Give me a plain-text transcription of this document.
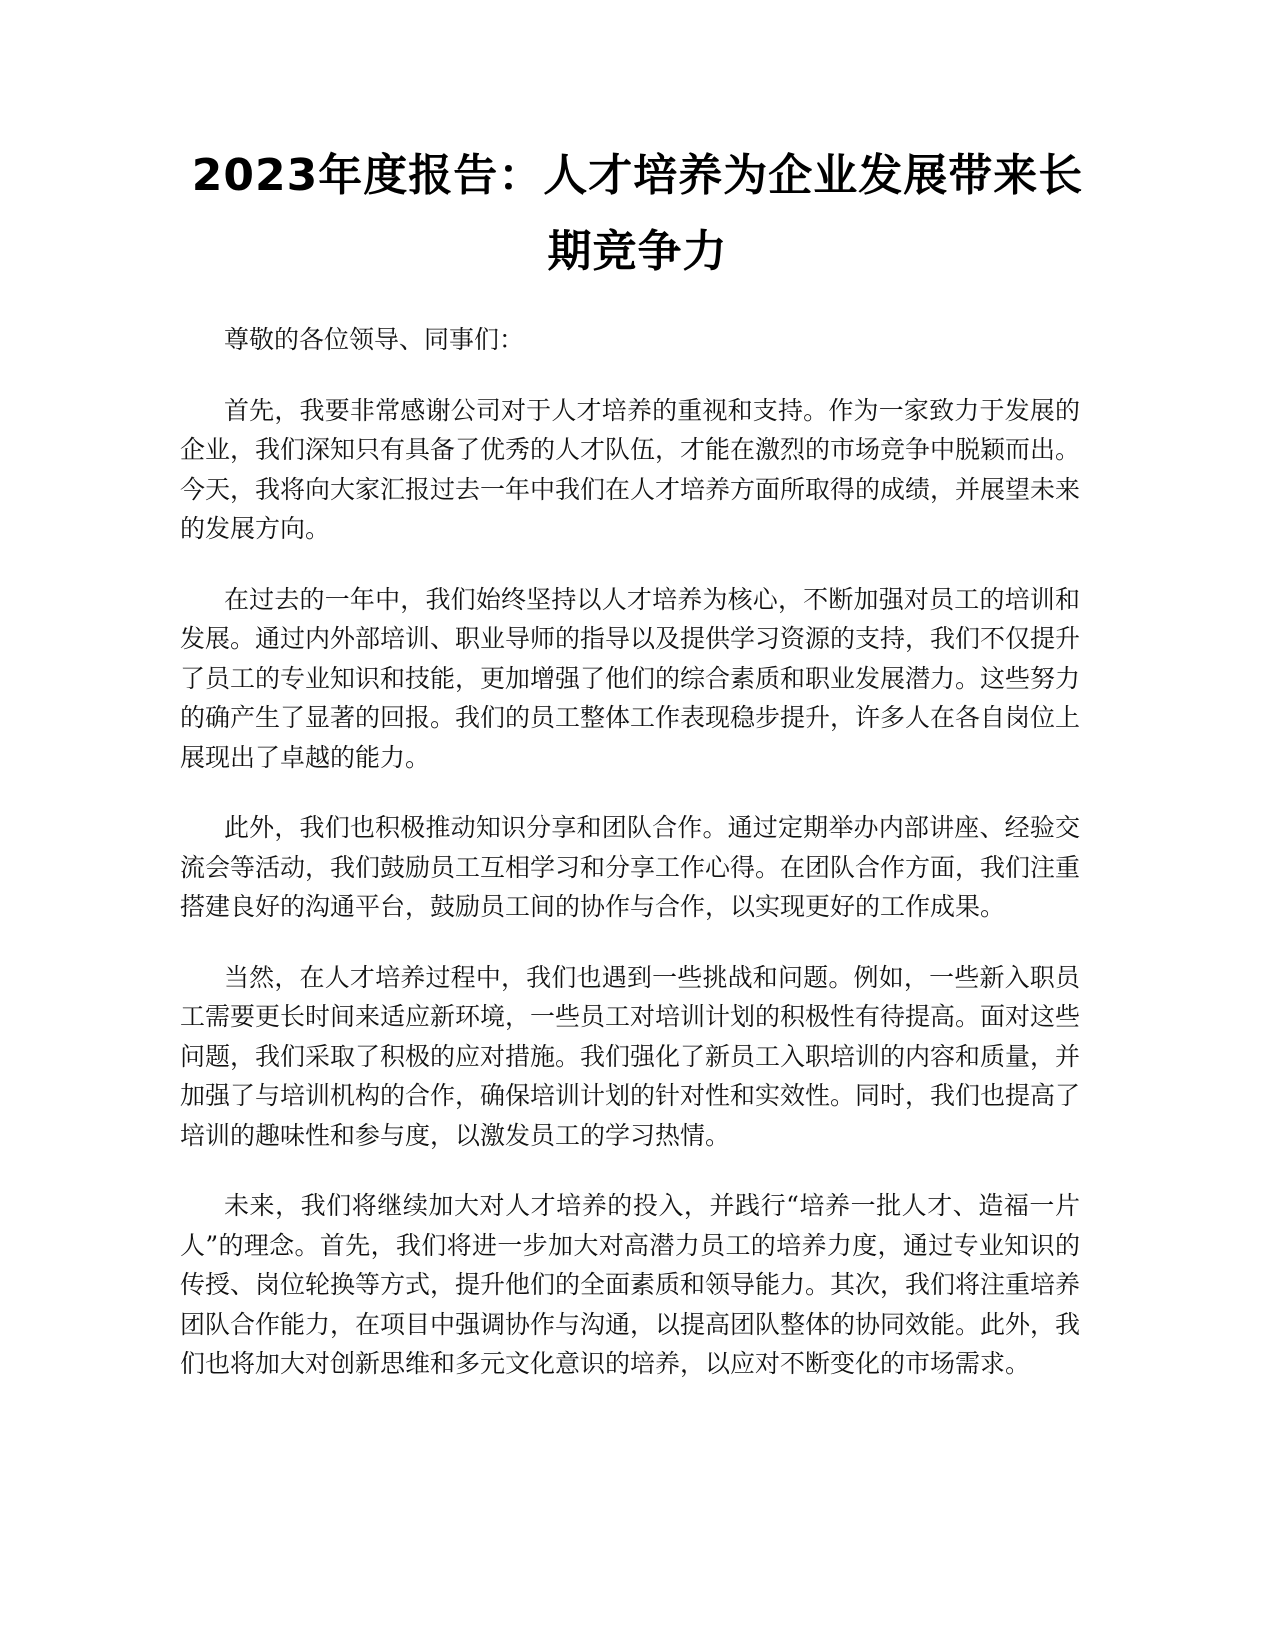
2023年度报告：人才培养为企业发展带来长
期竞争力

尊敬的各位领导、同事们：

首先，我要非常感谢公司对于人才培养的重视和支持。作为一家致力于发展的企业，我们深知只有具备了优秀的人才队伍，才能在激烈的市场竞争中脱颖而出。今天，我将向大家汇报过去一年中我们在人才培养方面所取得的成绩，并展望未来的发展方向。

在过去的一年中，我们始终坚持以人才培养为核心，不断加强对员工的培训和发展。通过内外部培训、职业导师的指导以及提供学习资源的支持，我们不仅提升了员工的专业知识和技能，更加增强了他们的综合素质和职业发展潜力。这些努力的确产生了显著的回报。我们的员工整体工作表现稳步提升，许多人在各自岗位上展现出了卓越的能力。

此外，我们也积极推动知识分享和团队合作。通过定期举办内部讲座、经验交流会等活动，我们鼓励员工互相学习和分享工作心得。在团队合作方面，我们注重搭建良好的沟通平台，鼓励员工间的协作与合作，以实现更好的工作成果。

当然，在人才培养过程中，我们也遇到一些挑战和问题。例如，一些新入职员工需要更长时间来适应新环境，一些员工对培训计划的积极性有待提高。面对这些问题，我们采取了积极的应对措施。我们强化了新员工入职培训的内容和质量，并加强了与培训机构的合作，确保培训计划的针对性和实效性。同时，我们也提高了培训的趣味性和参与度，以激发员工的学习热情。

未来，我们将继续加大对人才培养的投入，并践行“培养一批人才、造福一片人”的理念。首先，我们将进一步加大对高潜力员工的培养力度，通过专业知识的传授、岗位轮换等方式，提升他们的全面素质和领导能力。其次，我们将注重培养团队合作能力，在项目中强调协作与沟通，以提高团队整体的协同效能。此外，我们也将加大对创新思维和多元文化意识的培养，以应对不断变化的市场需求。
